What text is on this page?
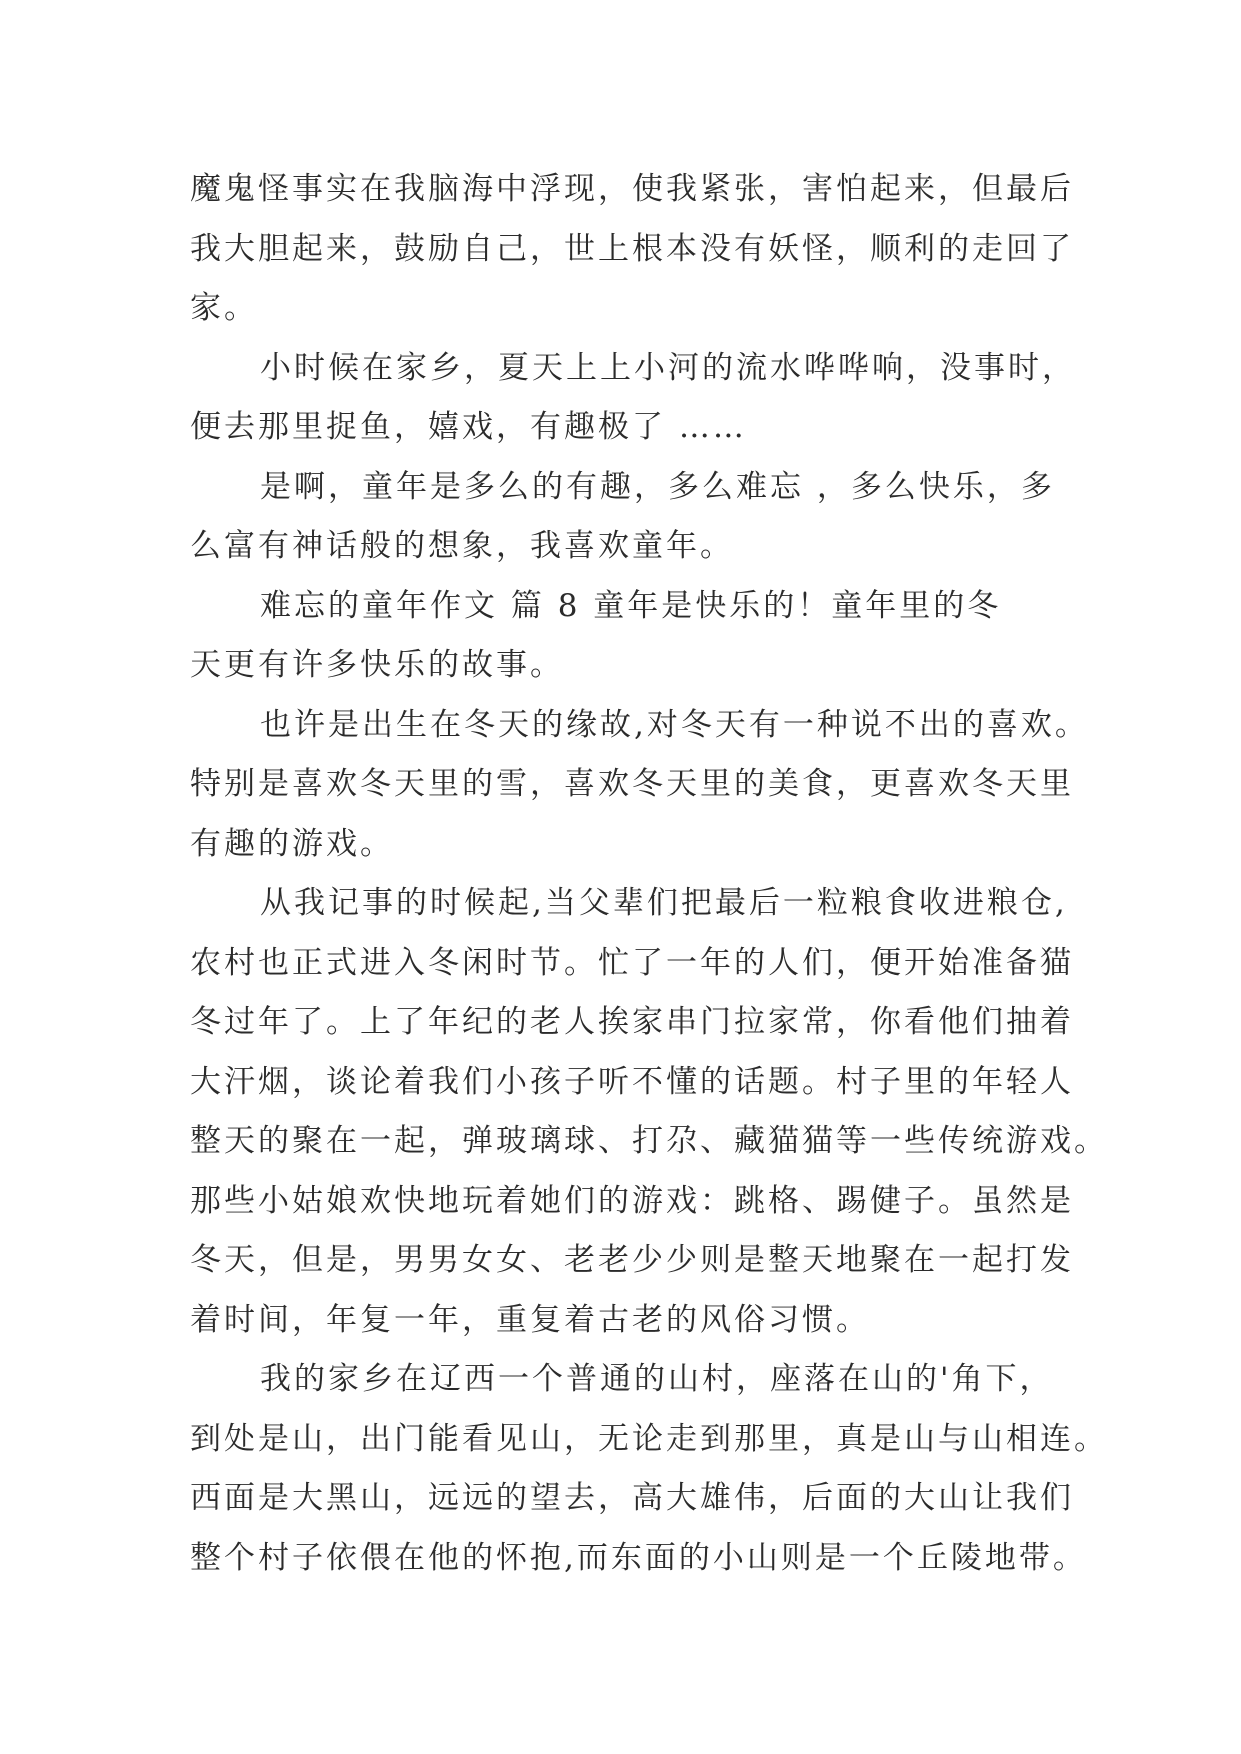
魔鬼怪事实在我脑海中浮现，使我紧张，害怕起来，但最后
我大胆起来，鼓励自己，世上根本没有妖怪，顺利的走回了
家。
小时候在家乡，夏天上上小河的流水哗哗响，没事时，
便去那里捉鱼，嬉戏，有趣极了 ……
是啊，童年是多么的有趣，多么难忘 ，多么快乐，多
么富有神话般的想象，我喜欢童年。
难忘的童年作文 篇 8 童年是快乐的！童年里的冬
天更有许多快乐的故事。
也许是出生在冬天的缘故,对冬天有一种说不出的喜欢。
特别是喜欢冬天里的雪，喜欢冬天里的美食，更喜欢冬天里
有趣的游戏。
从我记事的时候起,当父辈们把最后一粒粮食收进粮仓,
农村也正式进入冬闲时节。忙了一年的人们，便开始准备猫
冬过年了。上了年纪的老人挨家串门拉家常，你看他们抽着
大汗烟，谈论着我们小孩子听不懂的话题。村子里的年轻人
整天的聚在一起，弹玻璃球、打尕、藏猫猫等一些传统游戏。
那些小姑娘欢快地玩着她们的游戏：跳格、踢健子。虽然是
冬天，但是，男男女女、老老少少则是整天地聚在一起打发
着时间，年复一年，重复着古老的风俗习惯。
我的家乡在辽西一个普通的山村，座落在山的'角下，
到处是山，出门能看见山，无论走到那里，真是山与山相连。
西面是大黑山，远远的望去，高大雄伟，后面的大山让我们
整个村子依偎在他的怀抱,而东面的小山则是一个丘陵地带。
